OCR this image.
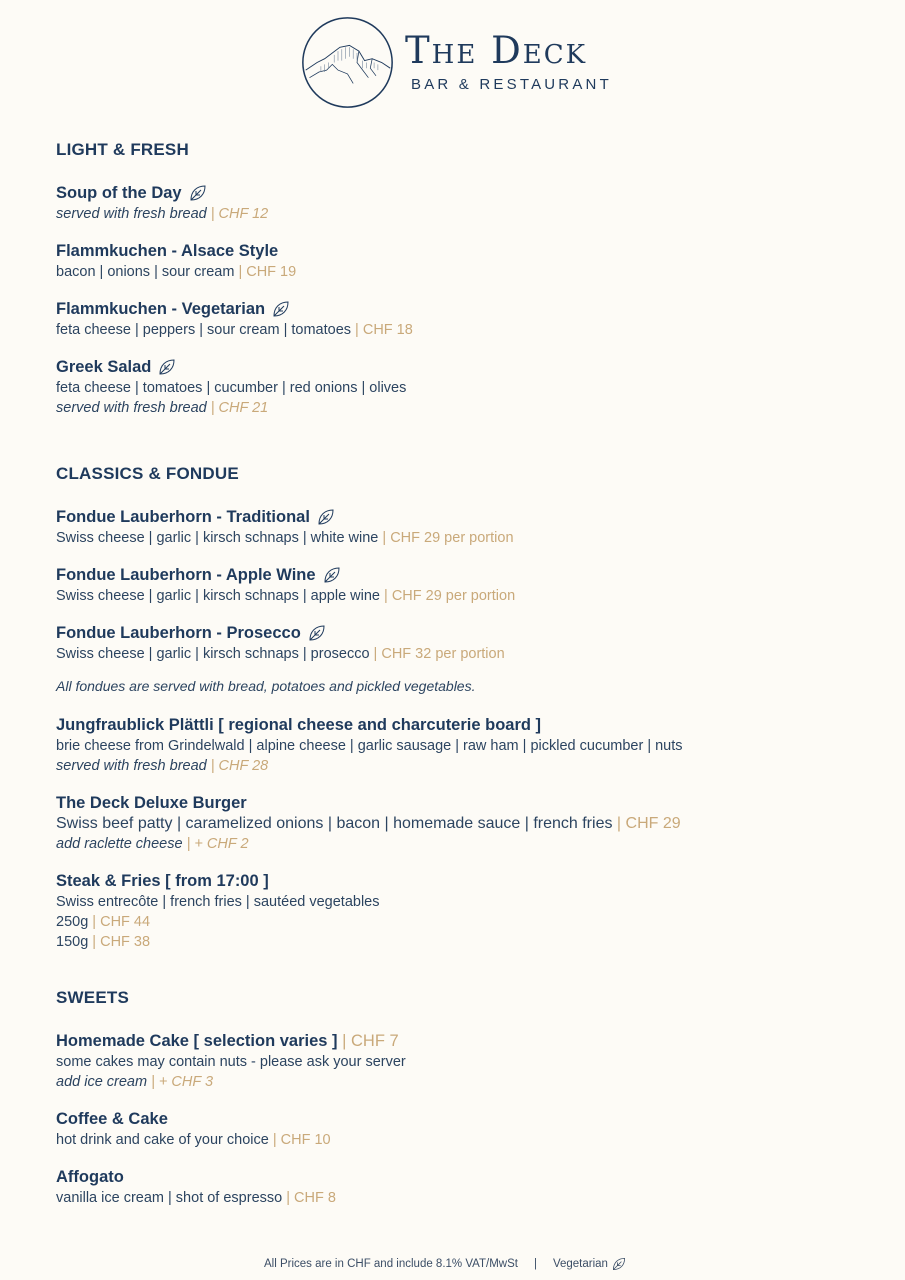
The Deck
BAR & RESTAURANT
LIGHT & FRESH
Soup of the Day
served with fresh bread | CHF 12
Flammkuchen - Alsace Style
bacon | onions | sour cream | CHF 19
Flammkuchen - Vegetarian
feta cheese | peppers | sour cream | tomatoes | CHF 18
Greek Salad
feta cheese | tomatoes | cucumber | red onions | olives
served with fresh bread | CHF 21
CLASSICS & FONDUE
Fondue Lauberhorn - Traditional
Swiss cheese | garlic | kirsch schnaps | white wine | CHF 29 per portion
Fondue Lauberhorn - Apple Wine
Swiss cheese | garlic | kirsch schnaps | apple wine | CHF 29 per portion
Fondue Lauberhorn - Prosecco
Swiss cheese | garlic | kirsch schnaps | prosecco | CHF 32 per portion
All fondues are served with bread, potatoes and pickled vegetables.
Jungfraublick Plättli [ regional cheese and charcuterie board ]
brie cheese from Grindelwald | alpine cheese | garlic sausage | raw ham | pickled cucumber | nuts
served with fresh bread | CHF 28
The Deck Deluxe Burger
Swiss beef patty | caramelized onions | bacon | homemade sauce | french fries | CHF 29
add raclette cheese | + CHF 2
Steak & Fries [ from 17:00 ]
Swiss entrecôte | french fries | sautéed vegetables
250g | CHF 44
150g | CHF 38
SWEETS
Homemade Cake [ selection varies ]
| CHF 7
some cakes may contain nuts - please ask your server
add ice cream | + CHF 3
Coffee & Cake
hot drink and cake of your choice | CHF 10
Affogato
vanilla ice cream | shot of espresso | CHF 8
All Prices are in CHF and include 8.1% VAT/MwSt | Vegetarian
